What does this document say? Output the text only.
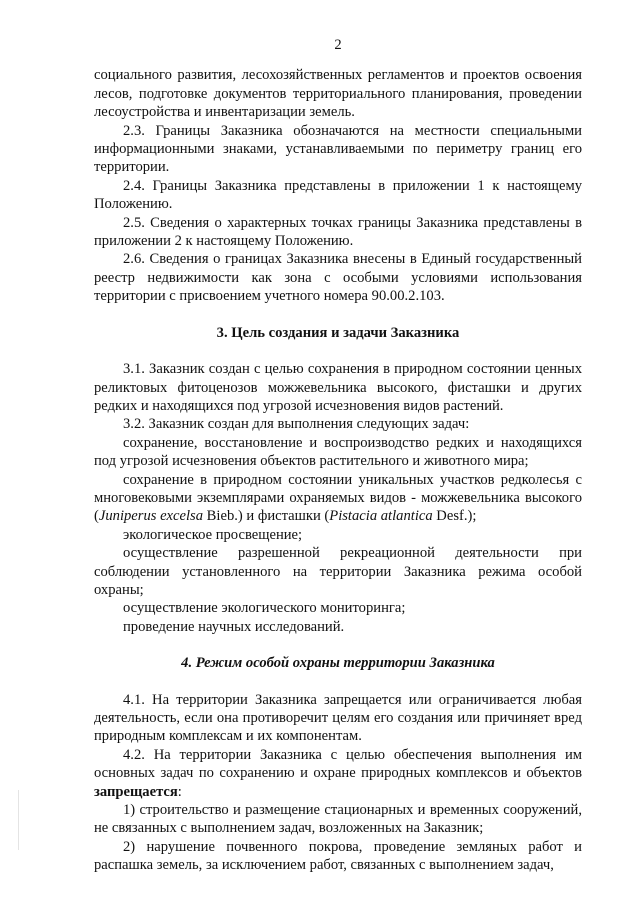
2

социального развития, лесохозяйственных регламентов и проектов освоения лесов, подготовке документов территориального планирования, проведении лесоустройства и инвентаризации земель.

2.3. Границы Заказника обозначаются на местности специальными информационными знаками, устанавливаемыми по периметру границ его территории.

2.4. Границы Заказника представлены в приложении 1 к настоящему Положению.

2.5. Сведения о характерных точках границы Заказника представлены в приложении 2 к настоящему Положению.

2.6. Сведения о границах Заказника внесены в Единый государственный реестр недвижимости как зона с особыми условиями использования территории с присвоением учетного номера 90.00.2.103.

3. Цель создания и задачи Заказника

3.1. Заказник создан с целью сохранения в природном состоянии ценных реликтовых фитоценозов можжевельника высокого, фисташки и других редких и находящихся под угрозой исчезновения видов растений.

3.2. Заказник создан для выполнения следующих задач:

сохранение, восстановление и воспроизводство редких и находящихся под угрозой исчезновения объектов растительного и животного мира;

сохранение в природном состоянии уникальных участков редколесья с многовековыми экземплярами охраняемых видов - можжевельника высокого (Juniperus excelsa Bieb.) и фисташки (Pistacia atlantica Desf.);

экологическое просвещение;

осуществление разрешенной рекреационной деятельности при соблюдении установленного на территории Заказника режима особой охраны;

осуществление экологического мониторинга;

проведение научных исследований.

4. Режим особой охраны территории Заказника

4.1. На территории Заказника запрещается или ограничивается любая деятельность, если она противоречит целям его создания или причиняет вред природным комплексам и их компонентам.

4.2. На территории Заказника с целью обеспечения выполнения им основных задач по сохранению и охране природных комплексов и объектов запрещается:

1) строительство и размещение стационарных и временных сооружений, не связанных с выполнением задач, возложенных на Заказник;

2) нарушение почвенного покрова, проведение земляных работ и распашка земель, за исключением работ, связанных с выполнением задач,
